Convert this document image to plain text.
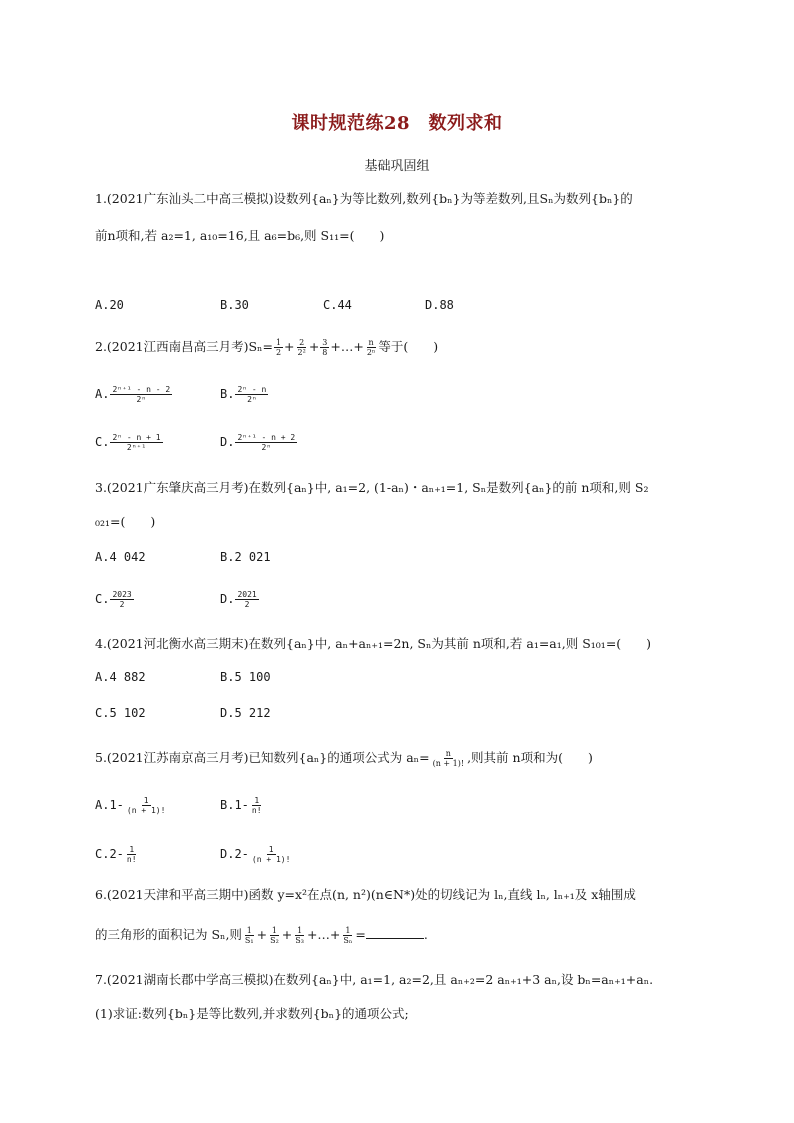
课时规范练28　数列求和
基础巩固组
1.(2021广东汕头二中高三模拟)设数列{aₙ}为等比数列,数列{bₙ}为等差数列,且Sₙ为数列{bₙ}的
前n项和,若 a₂=1, a₁₀=16,且 a₆=b₆,则 S₁₁=(　　)
A.20	B.30	C.44	D.88
2.(2021江西南昌高三月考)$S_n= \frac{1}{2} + \frac{2}{\text{2²}} + \frac{3}{8}$ +…+ $\frac{n}{\text{2ⁿ}}$ 等于(　　)
A. $\frac{\text{2ⁿ⁺¹ - n - 2}}{\text{2ⁿ}}$	B. $\frac{\text{2ⁿ - n}}{\text{2ⁿ}}$
C. $\frac{\text{2ⁿ - n + 1}}{\text{2ⁿ⁺¹}}$	D. $\frac{\text{2ⁿ⁺¹ - n + 2}}{\text{2ⁿ}}$
3.(2021广东肇庆高三月考)在数列{aₙ}中, a₁=2, (1-aₙ)・aₙ₊₁=1, Sₙ是数列{aₙ}的前 n项和,则 S₂
₀₂₁=(　　)
A.4 042	B.2 021
C. $\frac{2023}{2}$	D. $\frac{2021}{2}$
4.(2021河北衡水高三期末)在数列{aₙ}中, aₙ+aₙ₊₁=2n, Sₙ为其前 n项和,若 a₁=a₁,则 S₁₀₁=(　　)
A.4 882	B.5 100
C.5 102	D.5 212
5.(2021江苏南京高三月考)已知数列{aₙ}的通项公式为 $a_n= \frac{n}{(n + 1)!}$ ,则其前 n项和为(　　)
$A.1- \frac{1}{(n + 1)!}$	$B.1- \frac{1}{n!}$
$C.2- \frac{1}{n!}$	$D.2- \frac{1}{(n + 1)!}$
6.(2021天津和平高三期中)函数 y=x²在点(n, n²)(n∈N*)处的切线记为 lₙ,直线 lₙ, lₙ₊₁及 x轴围成
的三角形的面积记为 Sₙ,则 $\frac{1}{\text{S₁}} + \frac{1}{\text{S₂}} + \frac{1}{\text{S₃}}$ +…+ $\frac{1}{\text{Sₙ}}$ =	.
7.(2021湖南长郡中学高三模拟)在数列{aₙ}中, a₁=1, a₂=2,且 aₙ₊₂=2 aₙ₊₁+3 aₙ,设 bₙ=aₙ₊₁+aₙ.
(1)求证:数列{bₙ}是等比数列,并求数列{bₙ}的通项公式;
